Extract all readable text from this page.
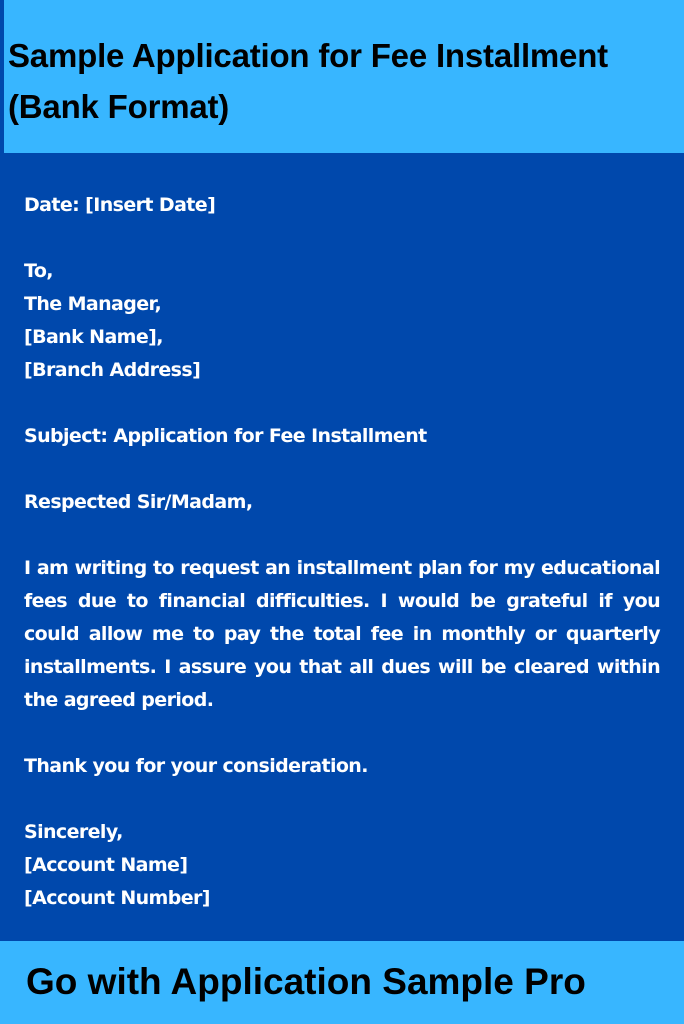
Sample Application for Fee Installment
(Bank Format)

Date: [Insert Date]

To,

The Manager,

[Bank Name],

[Branch Address]

Subject: Application for Fee Installment

Respected Sir/Madam,

I am writing to request an installment plan for my educational fees due to financial difficulties. I would be grateful if you could allow me to pay the total fee in monthly or quarterly installments. I assure you that all dues will be cleared within the agreed period.

Thank you for your consideration.

Sincerely,

[Account Name]

[Account Number]

Go with Application Sample Pro
